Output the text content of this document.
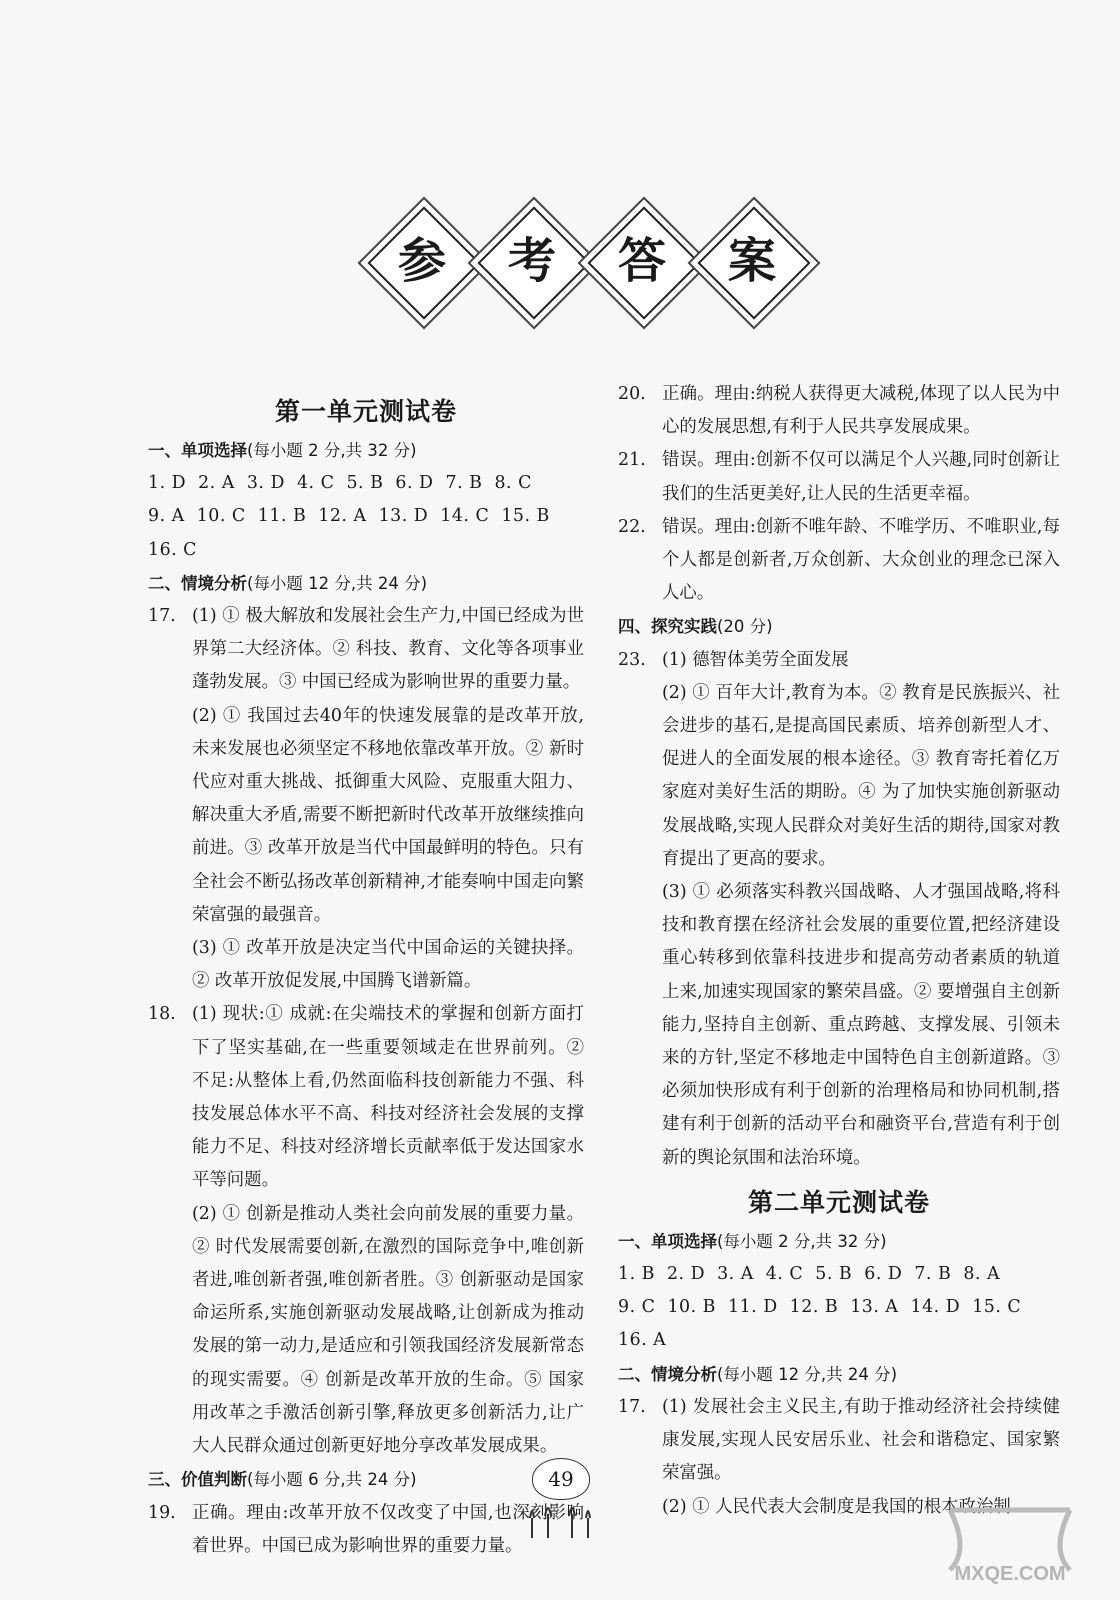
参	考	答	案
第一单元测试卷
一、单项选择(每小题 2 分,共 32 分)
1. D  2. A  3. D  4. C  5. B  6. D  7. B  8. C
9. A  10. C  11. B  12. A  13. D  14. C  15. B
16. C
二、情境分析(每小题 12 分,共 24 分)
17. (1) ① 极大解放和发展社会生产力,中国已经成为世界第二大经济体。② 科技、教育、文化等各项事业蓬勃发展。③ 中国已经成为影响世界的重要力量。
(2) ① 我国过去40年的快速发展靠的是改革开放,未来发展也必须坚定不移地依靠改革开放。② 新时代应对重大挑战、抵御重大风险、克服重大阻力、解决重大矛盾,需要不断把新时代改革开放继续推向前进。③ 改革开放是当代中国最鲜明的特色。只有全社会不断弘扬改革创新精神,才能奏响中国走向繁荣富强的最强音。
(3) ① 改革开放是决定当代中国命运的关键抉择。② 改革开放促发展,中国腾飞谱新篇。
18. (1) 现状:① 成就:在尖端技术的掌握和创新方面打下了坚实基础,在一些重要领域走在世界前列。② 不足:从整体上看,仍然面临科技创新能力不强、科技发展总体水平不高、科技对经济社会发展的支撑能力不足、科技对经济增长贡献率低于发达国家水平等问题。
(2) ① 创新是推动人类社会向前发展的重要力量。② 时代发展需要创新,在激烈的国际竞争中,唯创新者进,唯创新者强,唯创新者胜。③ 创新驱动是国家命运所系,实施创新驱动发展战略,让创新成为推动发展的第一动力,是适应和引领我国经济发展新常态的现实需要。④ 创新是改革开放的生命。⑤ 国家用改革之手激活创新引擎,释放更多创新活力,让广大人民群众通过创新更好地分享改革发展成果。
三、价值判断(每小题 6 分,共 24 分)
19. 正确。理由:改革开放不仅改变了中国,也深刻影响着世界。中国已成为影响世界的重要力量。
20. 正确。理由:纳税人获得更大减税,体现了以人民为中心的发展思想,有利于人民共享发展成果。
21. 错误。理由:创新不仅可以满足个人兴趣,同时创新让我们的生活更美好,让人民的生活更幸福。
22. 错误。理由:创新不唯年龄、不唯学历、不唯职业,每个人都是创新者,万众创新、大众创业的理念已深入人心。
四、探究实践(20 分)
23. (1) 德智体美劳全面发展
(2) ① 百年大计,教育为本。② 教育是民族振兴、社会进步的基石,是提高国民素质、培养创新型人才、促进人的全面发展的根本途径。③ 教育寄托着亿万家庭对美好生活的期盼。④ 为了加快实施创新驱动发展战略,实现人民群众对美好生活的期待,国家对教育提出了更高的要求。
(3) ① 必须落实科教兴国战略、人才强国战略,将科技和教育摆在经济社会发展的重要位置,把经济建设重心转移到依靠科技进步和提高劳动者素质的轨道上来,加速实现国家的繁荣昌盛。② 要增强自主创新能力,坚持自主创新、重点跨越、支撑发展、引领未来的方针,坚定不移地走中国特色自主创新道路。③ 必须加快形成有利于创新的治理格局和协同机制,搭建有利于创新的活动平台和融资平台,营造有利于创新的舆论氛围和法治环境。
第二单元测试卷
一、单项选择(每小题 2 分,共 32 分)
1. B  2. D  3. A  4. C  5. B  6. D  7. B  8. A
9. C  10. B  11. D  12. B  13. A  14. D  15. C
16. A
二、情境分析(每小题 12 分,共 24 分)
17. (1) 发展社会主义民主,有助于推动经济社会持续健康发展,实现人民安居乐业、社会和谐稳定、国家繁荣富强。
(2) ① 人民代表大会制度是我国的根本政治制
49
MXQE.COM
